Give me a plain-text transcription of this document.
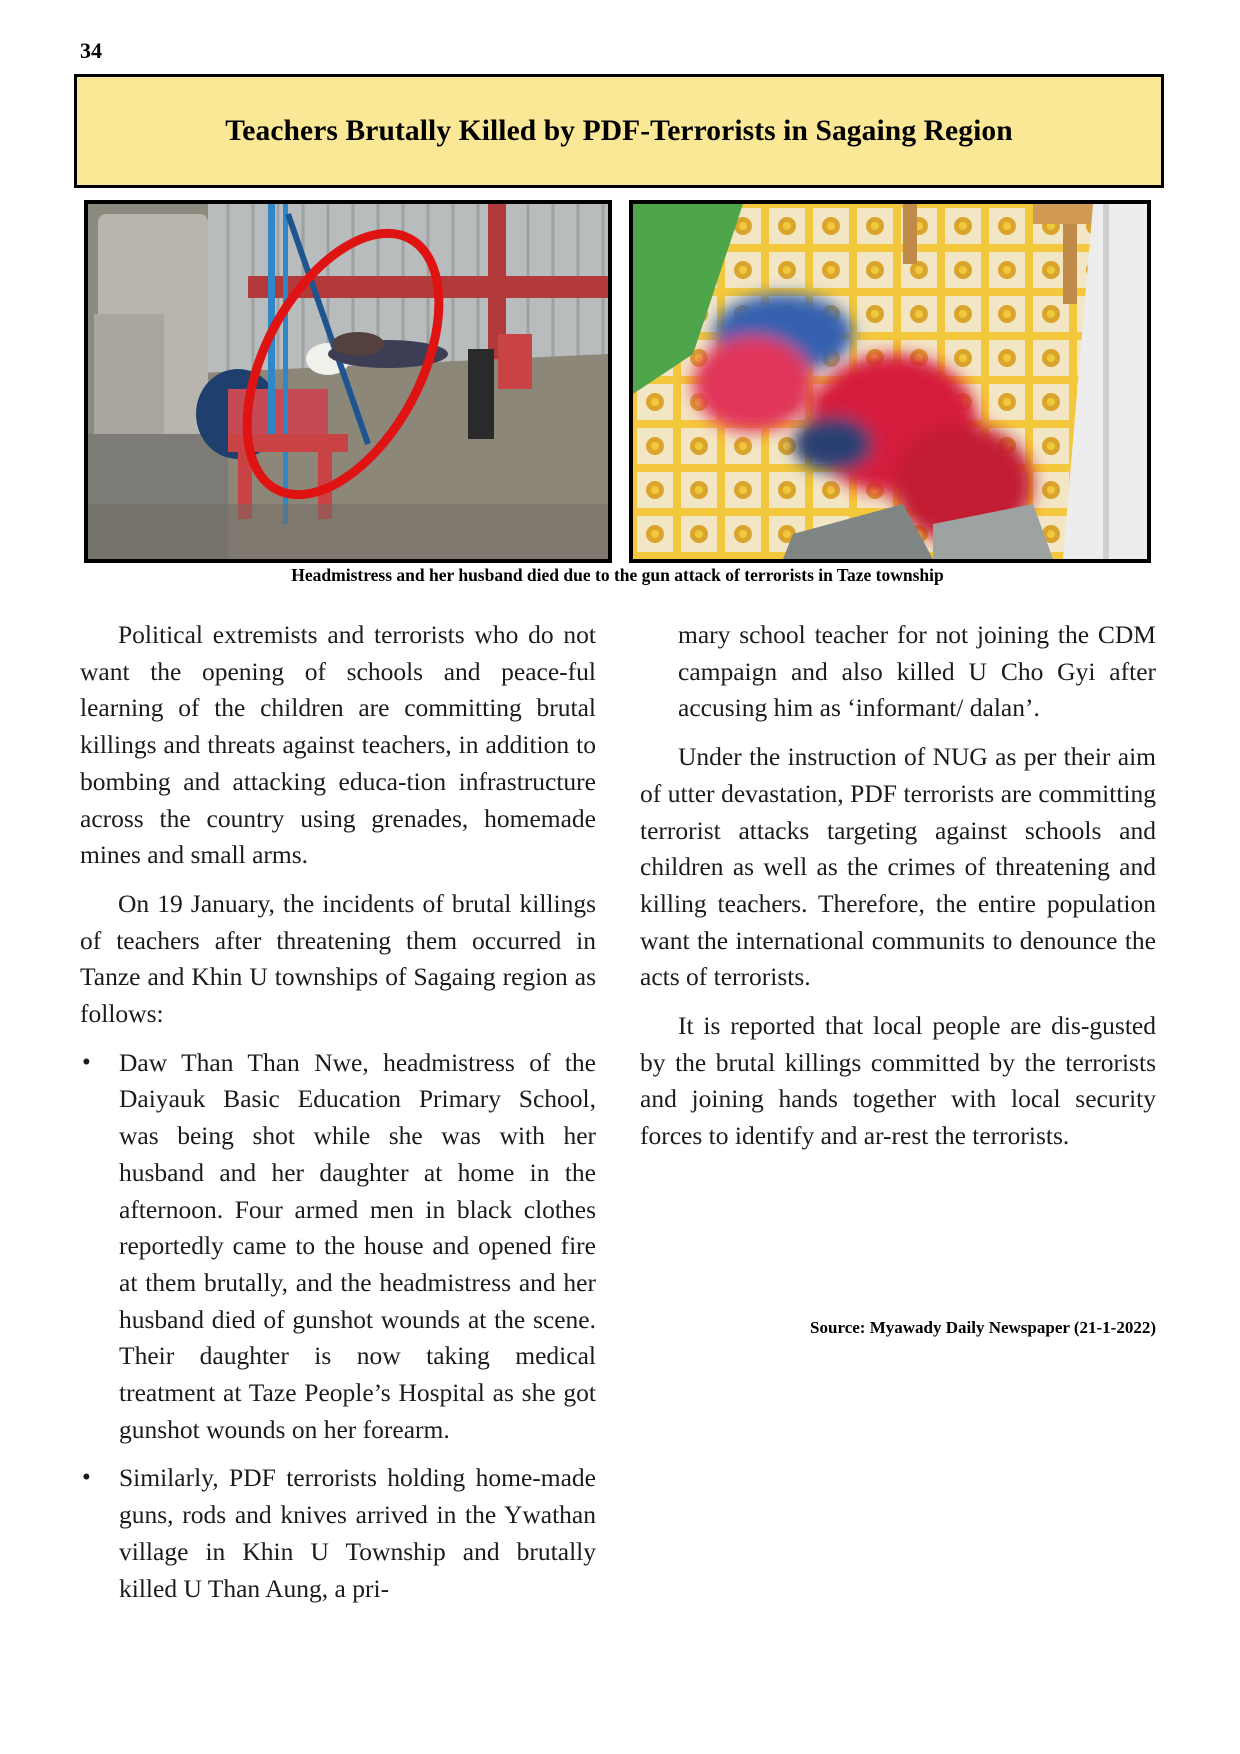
34
Teachers Brutally Killed by PDF-Terrorists in Sagaing Region
Headmistress and her husband died due to the gun attack of terrorists in Taze township

Political extremists and terrorists who do not want the opening of schools and peace-ful learning of the children are committing brutal killings and threats against teachers, in addition to bombing and attacking educa-tion infrastructure across the country using grenades, homemade mines and small arms.

On 19 January, the incidents of brutal killings of teachers after threatening them occurred in Tanze and Khin U townships of Sagaing region as follows:

• Daw Than Than Nwe, headmistress of the Daiyauk Basic Education Primary School, was being shot while she was with her husband and her daughter at home in the afternoon. Four armed men in black clothes reportedly came to the house and opened fire at them brutally, and the headmistress and her husband died of gunshot wounds at the scene. Their daughter is now taking medical treatment at Taze People’s Hospital as she got gunshot wounds on her forearm.
• Similarly, PDF terrorists holding home-made guns, rods and knives arrived in the Ywathan village in Khin U Township and brutally killed U Than Aung, a pri-

mary school teacher for not joining the CDM campaign and also killed U Cho Gyi after accusing him as ‘informant/ dalan’.

Under the instruction of NUG as per their aim of utter devastation, PDF terrorists are committing terrorist attacks targeting against schools and children as well as the crimes of threatening and killing teachers. Therefore, the entire population want the international communits to denounce the acts of terrorists.

It is reported that local people are dis-gusted by the brutal killings committed by the terrorists and joining hands together with local security forces to identify and ar-rest the terrorists.

Source: Myawady Daily Newspaper (21-1-2022)
